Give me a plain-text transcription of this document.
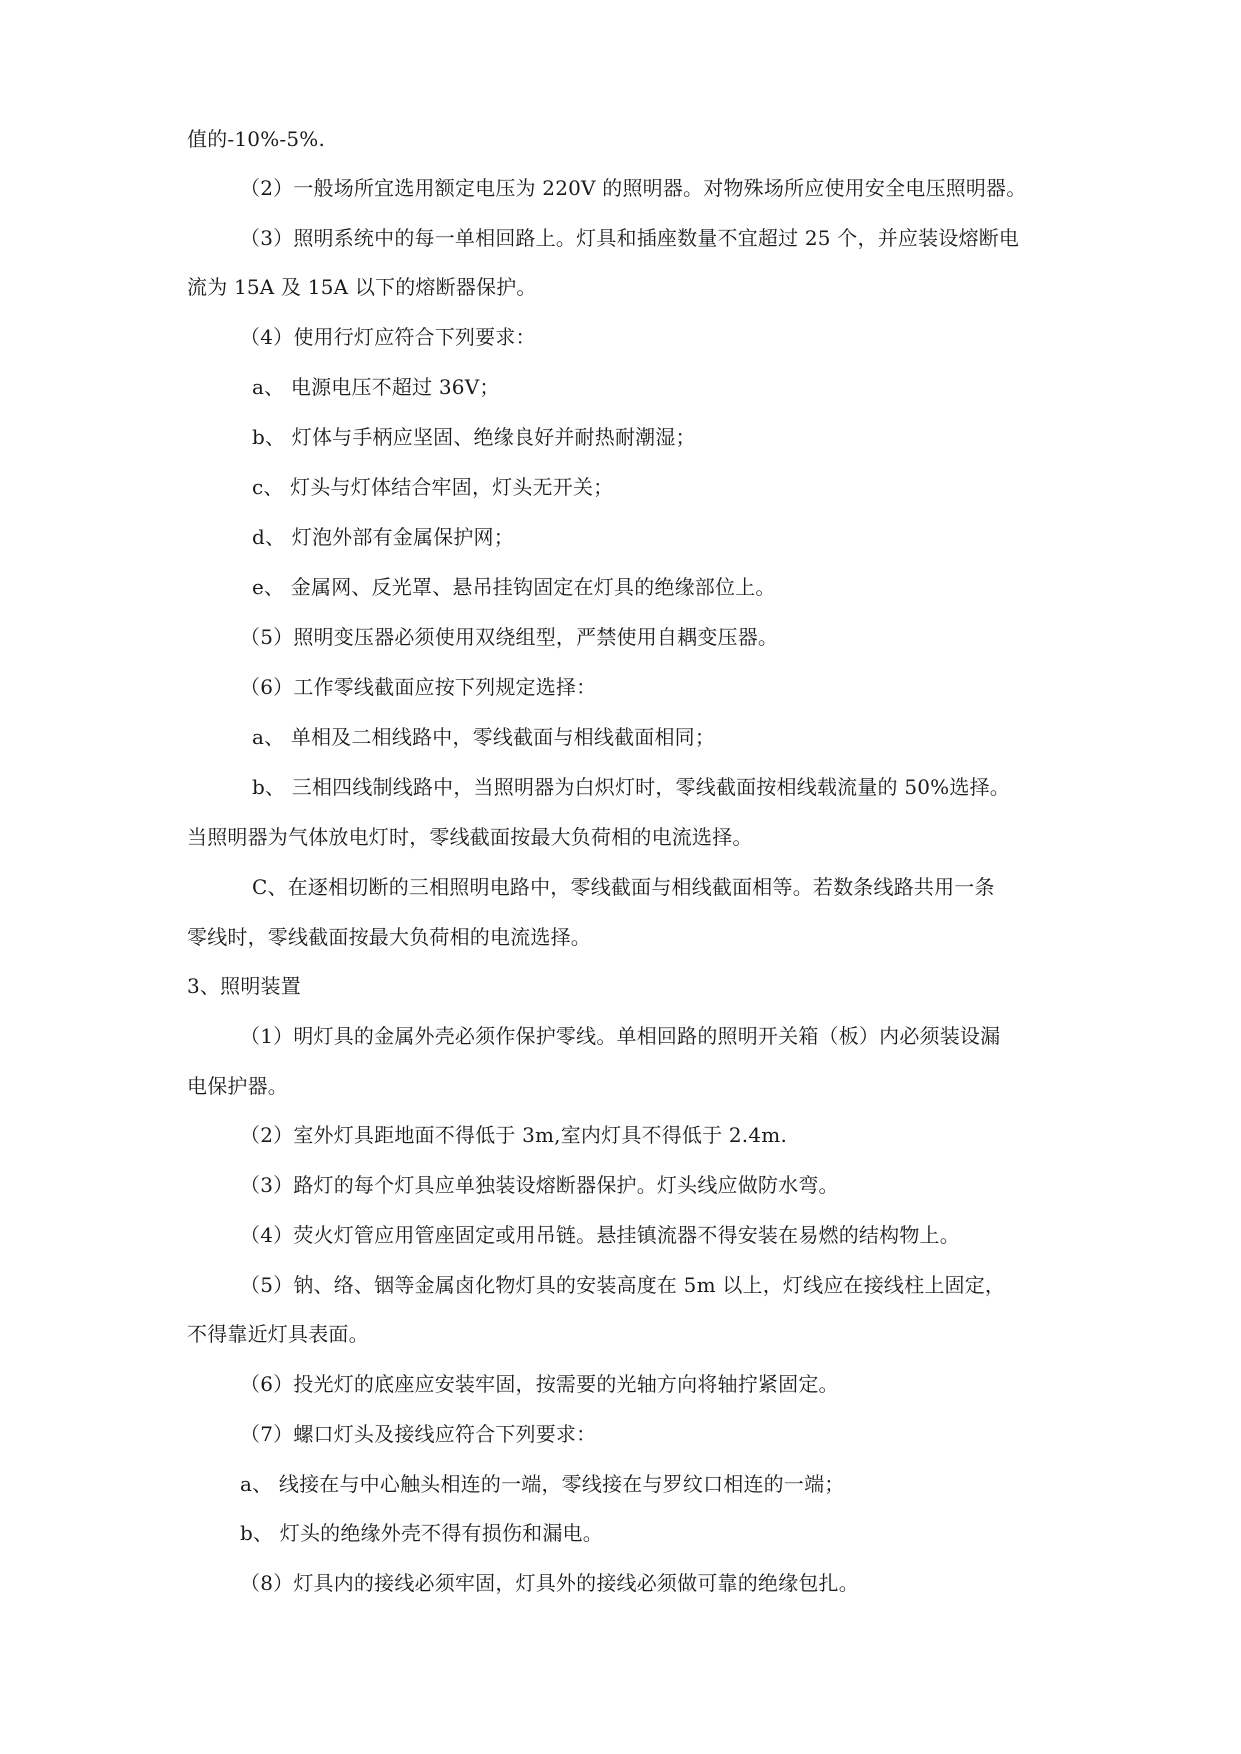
值的-10%-5%.
（2）一般场所宜选用额定电压为 220V 的照明器。对物殊场所应使用安全电压照明器。
（3）照明系统中的每一单相回路上。灯具和插座数量不宜超过 25 个，并应装设熔断电
流为 15A 及 15A 以下的熔断器保护。
（4）使用行灯应符合下列要求：
a、 电源电压不超过 36V；
b、 灯体与手柄应坚固、绝缘良好并耐热耐潮湿；
c、 灯头与灯体结合牢固，灯头无开关；
d、 灯泡外部有金属保护网；
e、 金属网、反光罩、悬吊挂钩固定在灯具的绝缘部位上。
（5）照明变压器必须使用双绕组型，严禁使用自耦变压器。
（6）工作零线截面应按下列规定选择：
a、 单相及二相线路中，零线截面与相线截面相同；
b、 三相四线制线路中，当照明器为白炽灯时，零线截面按相线载流量的 50%选择。
当照明器为气体放电灯时，零线截面按最大负荷相的电流选择。
C、在逐相切断的三相照明电路中，零线截面与相线截面相等。若数条线路共用一条
零线时，零线截面按最大负荷相的电流选择。
3、照明装置
（1）明灯具的金属外壳必须作保护零线。单相回路的照明开关箱（板）内必须装设漏
电保护器。
（2）室外灯具距地面不得低于 3m,室内灯具不得低于 2.4m.
（3）路灯的每个灯具应单独装设熔断器保护。灯头线应做防水弯。
（4）荧火灯管应用管座固定或用吊链。悬挂镇流器不得安装在易燃的结构物上。
（5）钠、络、铟等金属卤化物灯具的安装高度在 5m 以上，灯线应在接线柱上固定，
不得靠近灯具表面。
（6）投光灯的底座应安装牢固，按需要的光轴方向将轴拧紧固定。
（7）螺口灯头及接线应符合下列要求：
a、 线接在与中心触头相连的一端，零线接在与罗纹口相连的一端；
b、 灯头的绝缘外壳不得有损伤和漏电。
（8）灯具内的接线必须牢固，灯具外的接线必须做可靠的绝缘包扎。
